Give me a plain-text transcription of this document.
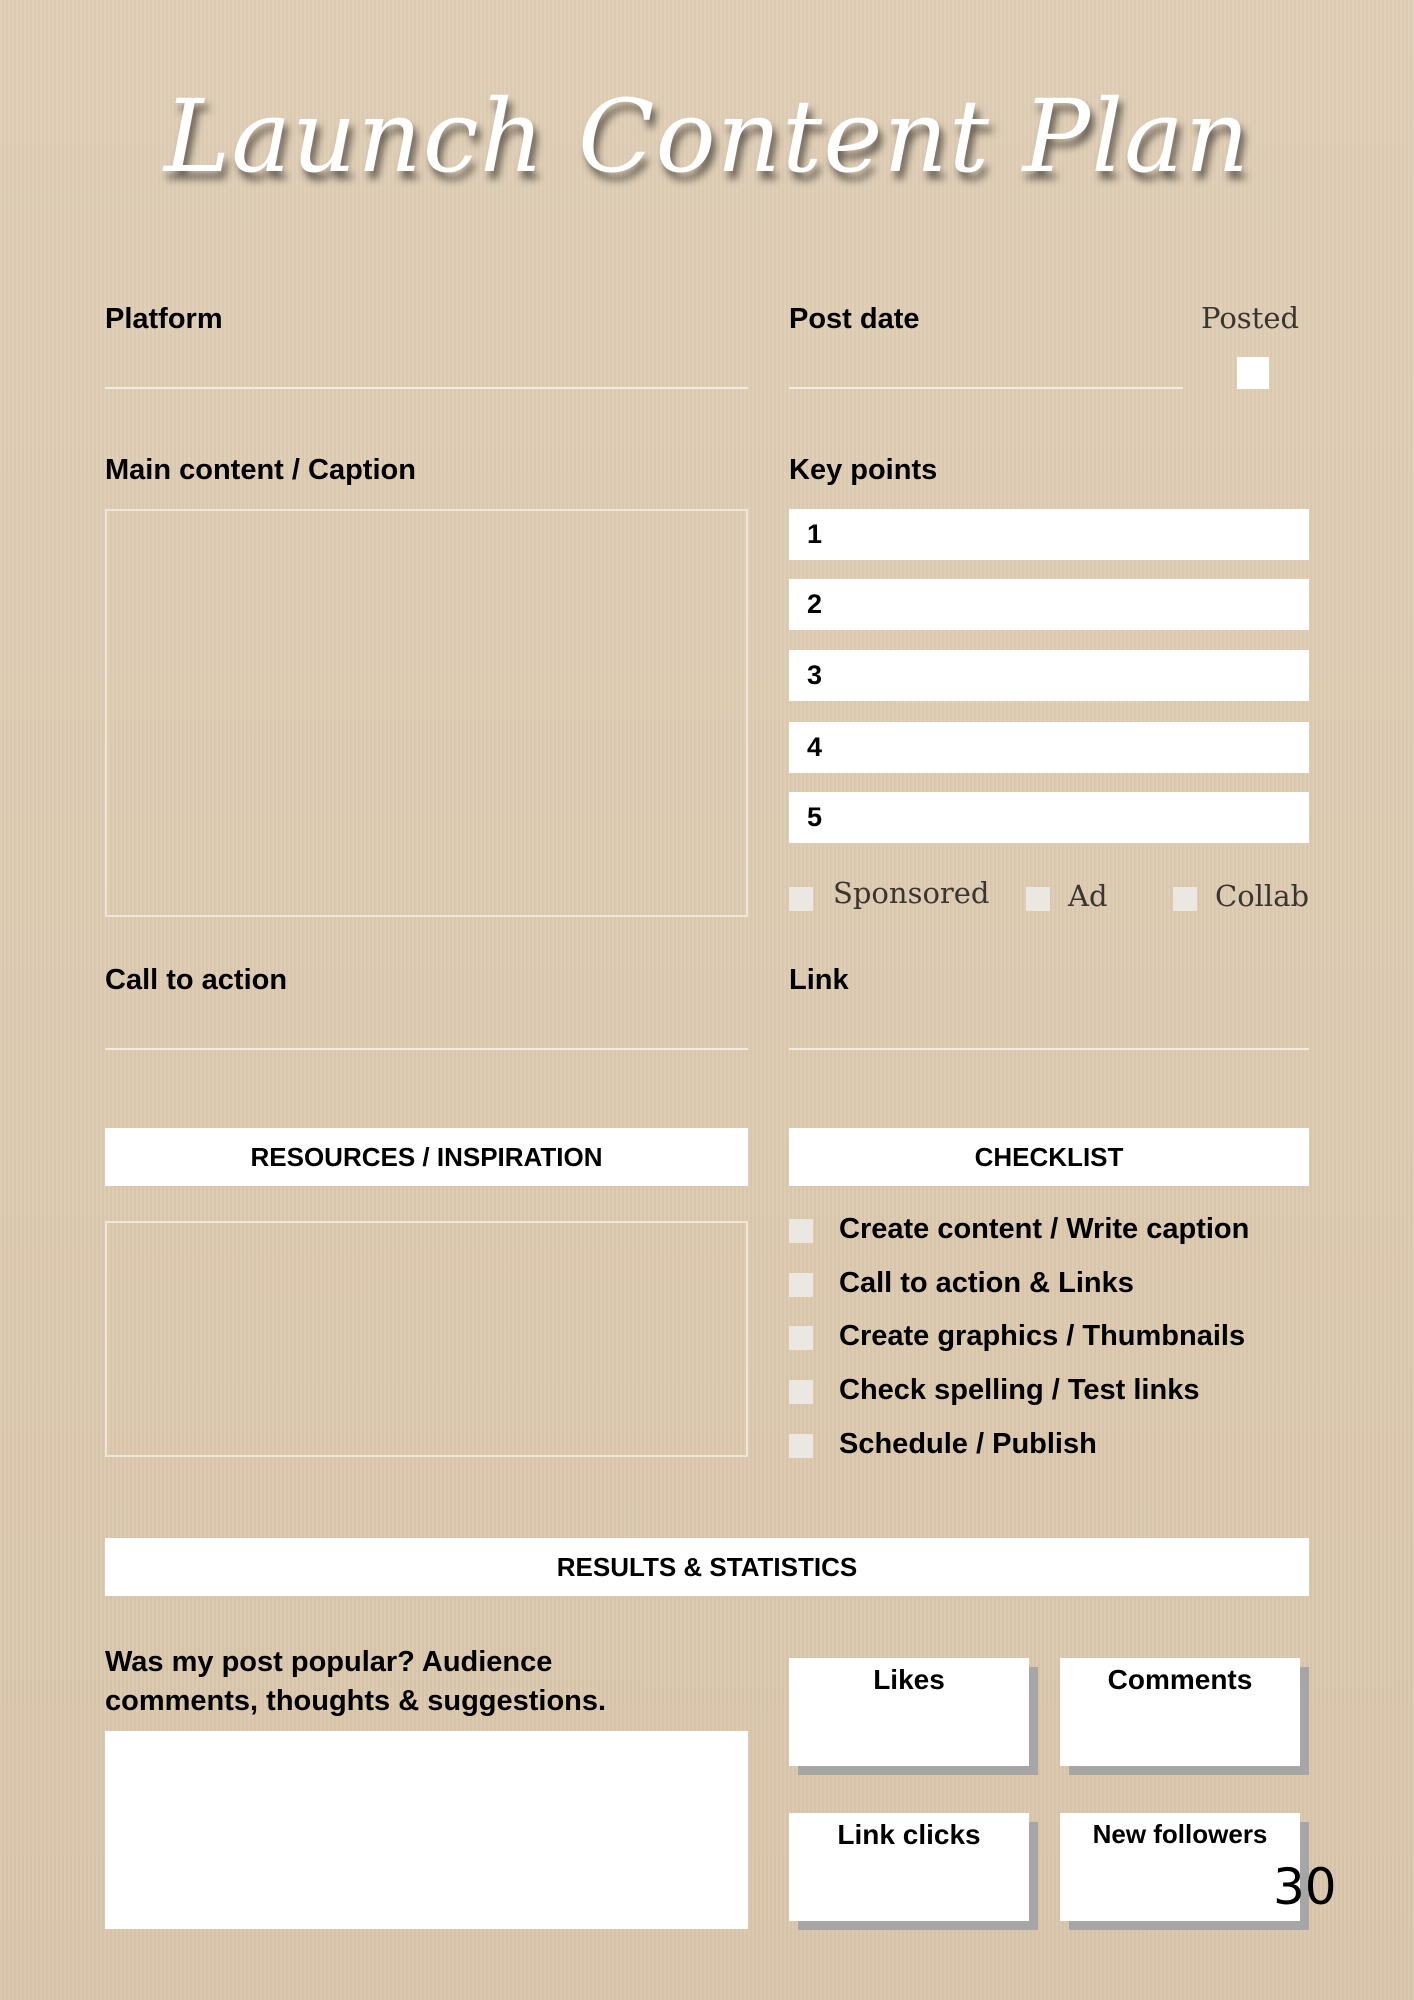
Launch Content Plan
Platform	Post date	Posted
Main content / Caption	Key points
1
2
3
4
5
Sponsored	Ad	Collab
Call to action	Link
RESOURCES / INSPIRATION	CHECKLIST
Create content / Write caption
Call to action & Links
Create graphics / Thumbnails
Check spelling / Test links
Schedule / Publish
RESULTS & STATISTICS
Was my post popular? Audience
comments, thoughts & suggestions.
Likes	Comments
Link clicks	New followers
30
